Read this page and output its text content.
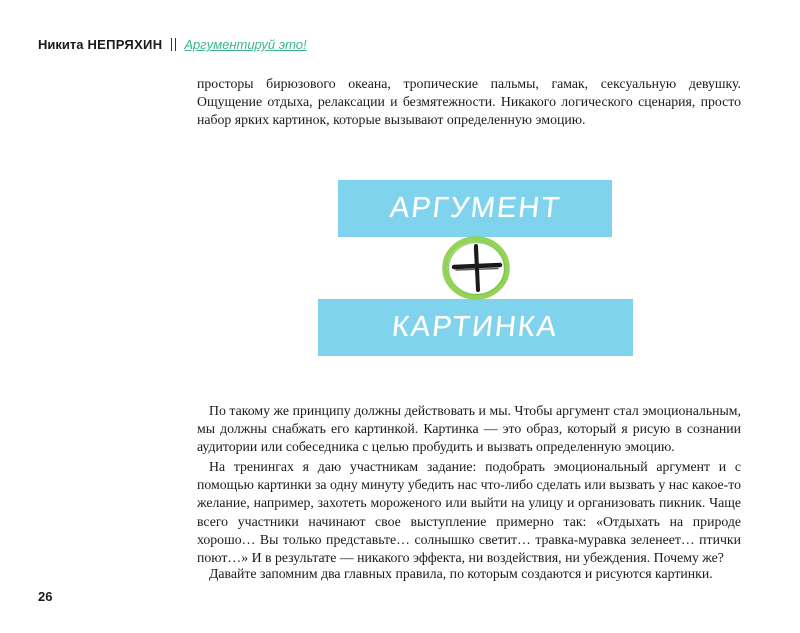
Никита НЕПРЯХИН Аргументируй это!

просторы бирюзового океана, тропические пальмы, гамак, сексуальную девушку. Ощущение отдыха, релаксации и безмятежности. Никакого логического сценария, просто набор ярких картинок, которые вызывают определенную эмоцию.

АРГУМЕНТ
КАРТИНКА

По такому же принципу должны действовать и мы. Чтобы аргумент стал эмоциональным, мы должны снабжать его картинкой. Картинка — это образ, который я рисую в сознании аудитории или собеседника с целью пробудить и вызвать определенную эмоцию.

На тренингах я даю участникам задание: подобрать эмоциональный аргумент и с помощью картинки за одну минуту убедить нас что-либо сделать или вызвать у нас какое-то желание, например, захотеть мороженого или выйти на улицу и организовать пикник. Чаще всего участники начинают свое выступление примерно так: «Отдыхать на природе хорошо… Вы только представьте… солнышко светит… травка-муравка зеленеет… птички поют…» И в результате — никакого эффекта, ни воздействия, ни убеждения. Почему же?

Давайте запомним два главных правила, по которым создаются и рисуются картинки.

26
